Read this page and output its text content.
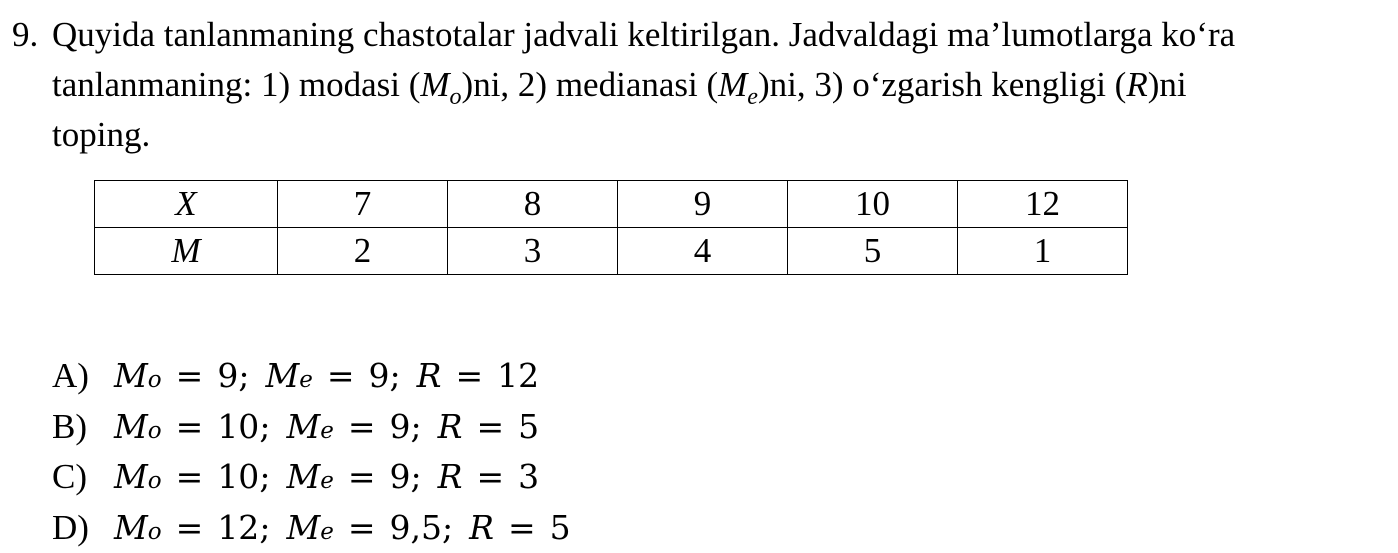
9. Quyida tanlanmaning chastotalar jadvali keltirilgan. Jadvaldagi ma’lumotlarga ko‘ra
tanlanmaning: 1) modasi $(M_o)ni$, 2) medianasi $(M_e)ni$, 3) o‘zgarish kengligi (R)ni
toping.
X	7	8	9	10	12
M	2	3	4	5	1
A) M o = 9 ; M e = 9 ; R = 12
B) M o = 10 ; M e = 9 ; R = 5
C) M o = 10 ; M e = 9 ; R = 3
D) M o = 12 ; M e = 9,5 ; R = 5
